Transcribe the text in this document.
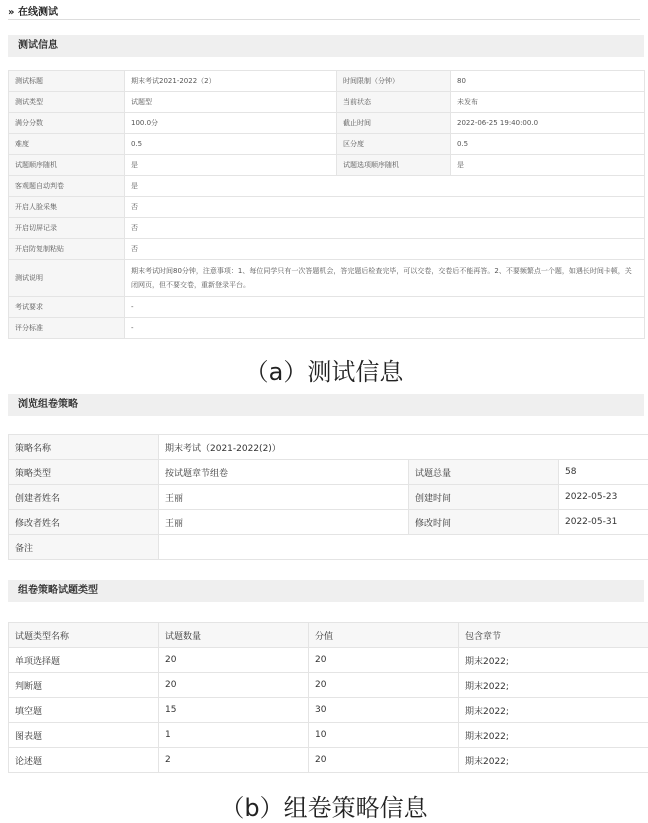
» 在线测试
测试信息
测试标题	期末考试2021-2022（2）	时间限制（分钟）	80
测试类型	试题型	当前状态	未发布
满分分数	100.0分	截止时间	2022-06-25 19:40:00.0
难度	0.5	区分度	0.5
试题顺序随机	是	试题选项顺序随机	是
客观题自动判卷	是		
开启人脸采集	否		
开启切屏记录	否		
开启防复制粘贴	否		
测试说明	期末考试时间80分钟，注意事项：1、每位同学只有一次答题机会，答完题后检查完毕，可以交卷，交卷后不能再答。2、不要频繁点一个题，如遇长时间卡顿，关闭网页，但不要交卷，重新登录平台。		
考试要求	-		
评分标准	-		
（a）测试信息
浏览组卷策略
策略名称	期末考试（2021-2022(2)）		
策略类型	按试题章节组卷	试题总量	58
创建者姓名	王丽	创建时间	2022-05-23
修改者姓名	王丽	修改时间	2022-05-31
备注			
组卷策略试题类型
试题类型名称	试题数量	分值	包含章节
单项选择题	20	20	期末2022;
判断题	20	20	期末2022;
填空题	15	30	期末2022;
图表题	1	10	期末2022;
论述题	2	20	期末2022;
（b）组卷策略信息
